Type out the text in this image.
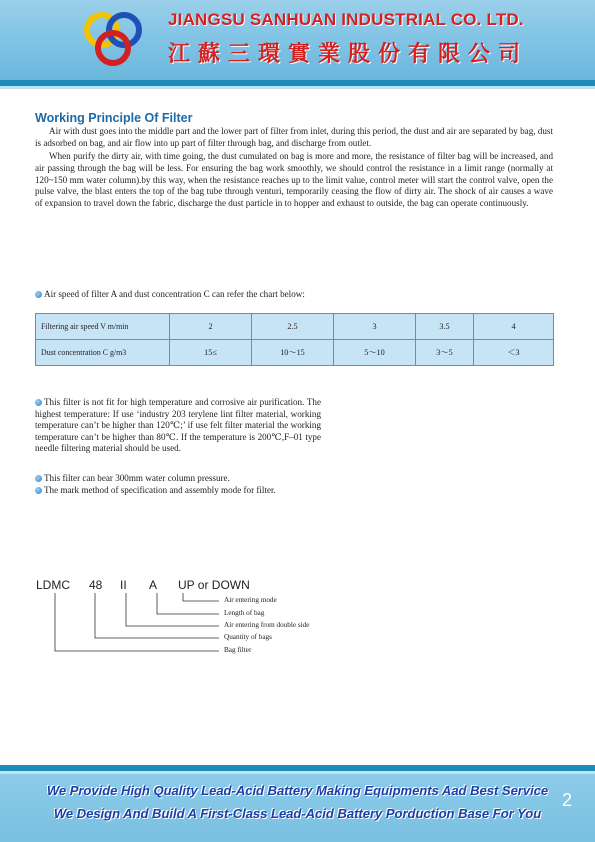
JIANGSU SANHUAN INDUSTRIAL CO. LTD.
江蘇三環實業股份有限公司
Working Principle Of Filter

Air with dust goes into the middle part and the lower part of filter from inlet, during this period, the dust and air are separated by bag, dust is adsorbed on bag, and air flow into up part of filter through bag, and discharge from outlet.

When purify the dirty air, with time going, the dust cumulated on bag is more and more, the resistance of filter bag will be increased, and air passing through the bag will be less. For ensuring the bag work smoothly, we should control the resistance in a limit range (normally at 120~150 mm water column).by this way, when the resistance reaches up to the limit value, control meter will start the control valve, open the pulse valve, the blast enters the top of the bag tube through venturi, temporarily ceasing the flow of dirty air. The shock of air causes a wave of expansion to travel down the fabric, discharge the dust particle in to hopper and exhaust to outside, the bag can operate continuously.

Air speed of filter A and dust concentration C can refer the chart below:
Filtering air speed V m/min	2	2.5	3	3.5	4
Dust concentration C g/m3	15≤	10～15	5～10	3～5	＜3

This filter is not fit for high temperature and corrosive air purification. The highest temperature: If use ‘industry 203 terylene lint filter material, working temperature can’t be higher than 120℃;’ if use felt filter material the working temperature can’t be higher than 80℃. If the temperature is 200℃,F–01 type needle filtering material should be used.

This filter can bear 300mm water column pressure.
The mark method of specification and assembly mode for filter.
LDMC 48 II A UP or DOWN
Air entering mode
Length of bag
Air entering from double side
Quantity of bags
Bag filter
We Provide High Quality Lead-Acid Battery Making Equipments Aad Best Service
We Design And Build A First-Class Lead-Acid Battery Porduction Base For You
2
